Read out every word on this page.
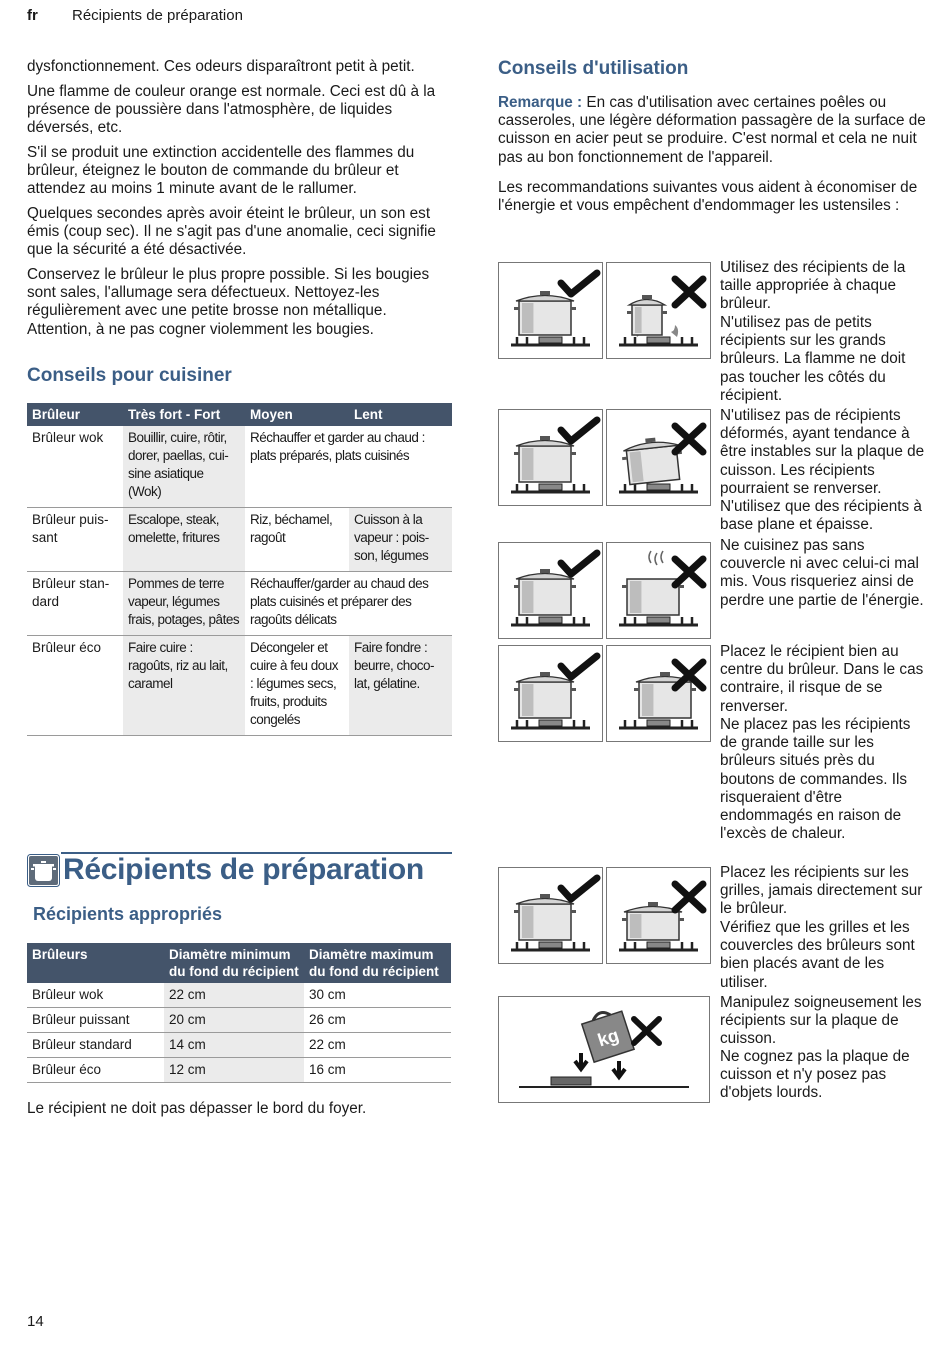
fr Récipients de préparation

dysfonctionnement. Ces odeurs disparaîtront petit à petit.

Une flamme de couleur orange est normale. Ceci est dû à la présence de poussière dans l'atmosphère, de liquides déversés, etc.

S'il se produit une extinction accidentelle des flammes du brûleur, éteignez le bouton de commande du brûleur et attendez au moins 1 minute avant de le rallumer.

Quelques secondes après avoir éteint le brûleur, un son est émis (coup sec). Il ne s'agit pas d'une anomalie, ceci signifie que la sécurité a été désactivée.

Conservez le brûleur le plus propre possible. Si les bougies sont sales, l'allumage sera défectueux. Nettoyez-les régulièrement avec une petite brosse non métallique. Attention, à ne pas cogner violemment les bougies.

Conseils pour cuisiner
Brûleur	Très fort - Fort	Moyen	Lent
Brûleur wok	Bouillir, cuire, rôtir, dorer, paellas, cui-sine asiatique (Wok)	Réchauffer et garder au chaud : plats préparés, plats cuisinés	
Brûleur puis-sant	Escalope, steak, omelette, fritures	Riz, béchamel, ragoût	Cuisson à la vapeur : pois-son, légumes
Brûleur stan-dard	Pommes de terre vapeur, légumes frais, potages, pâtes	Réchauffer/garder au chaud des plats cuisinés et préparer des ragoûts délicats	
Brûleur éco	Faire cuire : ragoûts, riz au lait, caramel	Décongeler et cuire à feu doux : légumes secs, fruits, produits congelés	Faire fondre : beurre, choco-lat, gélatine.
Récipients de préparation
Récipients appropriés
Brûleurs	Diamètre minimum du fond du récipient	Diamètre maximum du fond du récipient
Brûleur wok	22 cm	30 cm
Brûleur puissant	20 cm	26 cm
Brûleur standard	14 cm	22 cm
Brûleur éco	12 cm	16 cm

Le récipient ne doit pas dépasser le bord du foyer.

Conseils d'utilisation

Remarque : En cas d'utilisation avec certaines poêles ou casseroles, une légère déformation passagère de la surface de cuisson en acier peut se produire. C'est normal et cela ne nuit pas au bon fonctionnement de l'appareil.

Les recommandations suivantes vous aident à économiser de l'énergie et vous empêchent d'endommager les ustensiles :

kg

Utilisez des récipients de la taille appropriée à chaque brûleur.

N'utilisez pas de petits récipients sur les grands brûleurs. La flamme ne doit pas toucher les côtés du récipient.

N'utilisez pas de récipients déformés, ayant tendance à être instables sur la plaque de cuisson. Les récipients pourraient se renverser.

N'utilisez que des récipients à base plane et épaisse.

Ne cuisinez pas sans couvercle ni avec celui-ci mal mis. Vous risqueriez ainsi de perdre une partie de l'énergie.

Placez le récipient bien au centre du brûleur. Dans le cas contraire, il risque de se renverser.

Ne placez pas les récipients de grande taille sur les brûleurs situés près du boutons de commandes. Ils risqueraient d'être endommagés en raison de l'excès de chaleur.

Placez les récipients sur les grilles, jamais directement sur le brûleur.

Vérifiez que les grilles et les couvercles des brûleurs sont bien placés avant de les utiliser.

Manipulez soigneusement les récipients sur la plaque de cuisson.

Ne cognez pas la plaque de cuisson et n'y posez pas d'objets lourds.

14
